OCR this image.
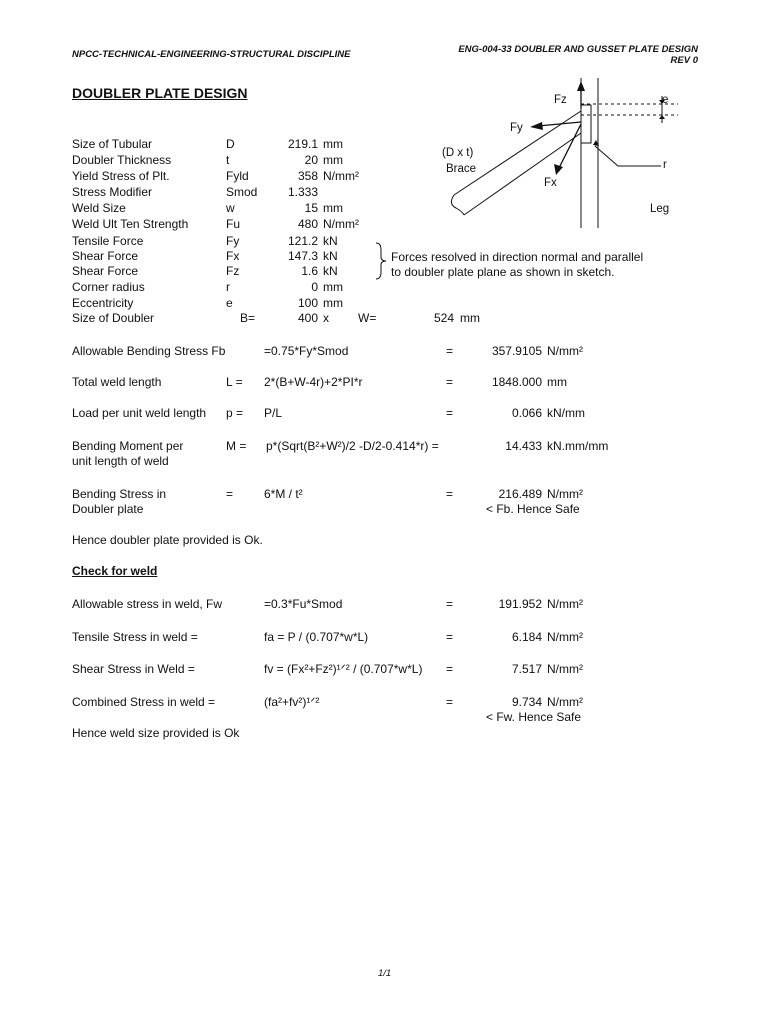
NPCC-TECHNICAL-ENGINEERING-STRUCTURAL DISCIPLINE	ENG-004-33 DOUBLER AND GUSSET PLATE DESIGN
REV 0
DOUBLER PLATE DESIGN
Size of Tubular	D	219.1 mm
Doubler Thickness	t	20 mm
Yield Stress of Plt.	Fyld	358 N/mm²
Stress Modifier	Smod	1.333
Weld Size	w	15 mm
Weld Ult Ten Strength	Fu	480 N/mm²
Tensile Force	Fy	121.2 kN
Shear Force	Fx	147.3 kN
Shear Force	Fz	1.6 kN
Corner radius	r	0 mm
Eccentricity	e	100 mm
Size of Doubler	B=	400 x W=	524 mm
Forces resolved in direction normal and parallel
to doubler plate plane as shown in sketch.
Fz	e
Fy
(D x t)
Brace	r
Fx
Leg
Allowable Bending Stress Fb	=0.75*Fy*Smod	=	357.9105 N/mm²
Total weld length	L = 2*(B+W-4r)+2*PI*r	=	1848.000 mm
Load per unit weld length p = P/L	=	0.066 kN/mm
Bending Moment per
unit length of weld
M = p*(Sqrt(B²+W²)/2 -D/2-0.414*r) =	14.433 kN.mm/mm
Bending Stress in
Doubler plate
=	6*M / t²	=	216.489 N/mm²
< Fb. Hence Safe
Hence doubler plate provided is Ok.
Check for weld
Allowable stress in weld, Fw	=0.3*Fu*Smod	=	191.952 N/mm²
Tensile Stress in weld =	fa = P / (0.707*w*L)	=	6.184 N/mm²
Shear Stress in Weld =	fv = (Fx²+Fz²)¹ᐟ² / (0.707*w*L) =	7.517 N/mm²
Combined Stress in weld =	(fa²+fv²)¹ᐟ²	=	9.734 N/mm²
< Fw. Hence Safe
Hence weld size provided is Ok
1/1
